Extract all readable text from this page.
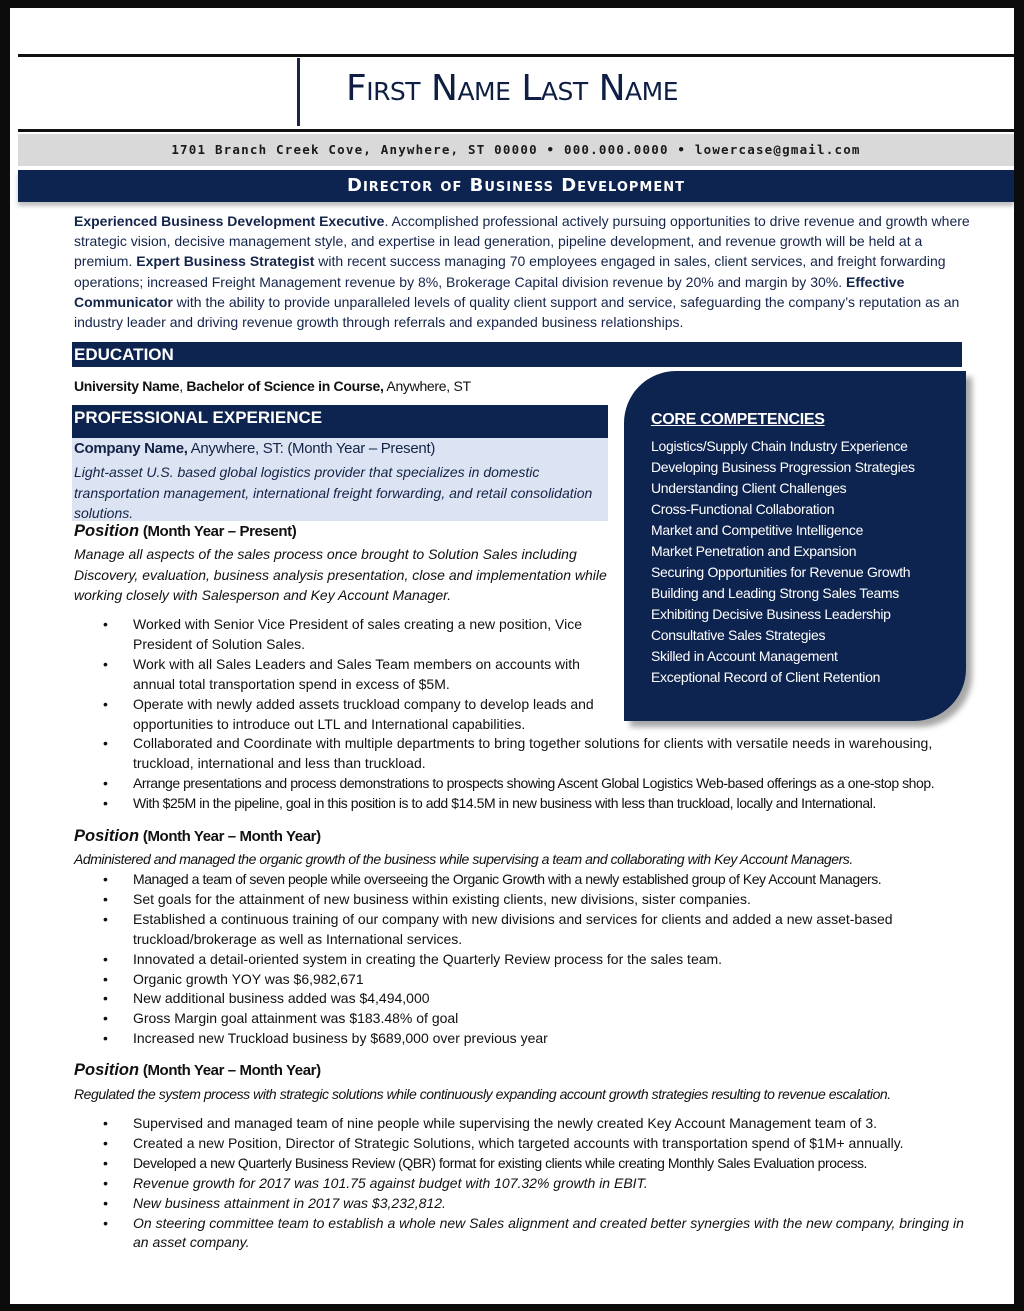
First Name Last Name
1701 Branch Creek Cove, Anywhere, ST 00000 • 000.000.0000 • lowercase@gmail.com
Director of Business Development
Experienced Business Development Executive. Accomplished professional actively pursuing opportunities to drive revenue and growth where strategic vision, decisive management style, and expertise in lead generation, pipeline development, and revenue growth will be held at a premium. Expert Business Strategist with recent success managing 70 employees engaged in sales, client services, and freight forwarding operations; increased Freight Management revenue by 8%, Brokerage Capital division revenue by 20% and margin by 30%. Effective Communicator with the ability to provide unparalleled levels of quality client support and service, safeguarding the company’s reputation as an industry leader and driving revenue growth through referrals and expanded business relationships.
EDUCATION
University Name, Bachelor of Science in Course, Anywhere, ST
PROFESSIONAL EXPERIENCE
Company Name, Anywhere, ST: (Month Year – Present)
Light-asset U.S. based global logistics provider that specializes in domestic transportation management, international freight forwarding, and retail consolidation solutions.
Position (Month Year – Present)
Manage all aspects of the sales process once brought to Solution Sales including Discovery, evaluation, business analysis presentation, close and implementation while working closely with Salesperson and Key Account Manager.
• Worked with Senior Vice President of sales creating a new position, Vice President of Solution Sales.
• Work with all Sales Leaders and Sales Team members on accounts with annual total transportation spend in excess of $5M.
• Operate with newly added assets truckload company to develop leads and opportunities to introduce out LTL and International capabilities.
• Collaborated and Coordinate with multiple departments to bring together solutions for clients with versatile needs in warehousing, truckload, international and less than truckload.
• Arrange presentations and process demonstrations to prospects showing Ascent Global Logistics Web-based offerings as a one-stop shop.
• With $25M in the pipeline, goal in this position is to add $14.5M in new business with less than truckload, locally and International.
Position (Month Year – Month Year)
Administered and managed the organic growth of the business while supervising a team and collaborating with Key Account Managers.
• Managed a team of seven people while overseeing the Organic Growth with a newly established group of Key Account Managers.
• Set goals for the attainment of new business within existing clients, new divisions, sister companies.
• Established a continuous training of our company with new divisions and services for clients and added a new asset-based truckload/brokerage as well as International services.
• Innovated a detail-oriented system in creating the Quarterly Review process for the sales team.
• Organic growth YOY was $6,982,671
• New additional business added was $4,494,000
• Gross Margin goal attainment was $183.48% of goal
• Increased new Truckload business by $689,000 over previous year
Position (Month Year – Month Year)
Regulated the system process with strategic solutions while continuously expanding account growth strategies resulting to revenue escalation.
• Supervised and managed team of nine people while supervising the newly created Key Account Management team of 3.
• Created a new Position, Director of Strategic Solutions, which targeted accounts with transportation spend of $1M+ annually.
• Developed a new Quarterly Business Review (QBR) format for existing clients while creating Monthly Sales Evaluation process.
• Revenue growth for 2017 was 101.75 against budget with 107.32% growth in EBIT.
• New business attainment in 2017 was $3,232,812.
• On steering committee team to establish a whole new Sales alignment and created better synergies with the new company, bringing in an asset company.
CORE COMPETENCIES
Logistics/Supply Chain Industry Experience
Developing Business Progression Strategies
Understanding Client Challenges
Cross-Functional Collaboration
Market and Competitive Intelligence
Market Penetration and Expansion
Securing Opportunities for Revenue Growth
Building and Leading Strong Sales Teams
Exhibiting Decisive Business Leadership
Consultative Sales Strategies
Skilled in Account Management
Exceptional Record of Client Retention
